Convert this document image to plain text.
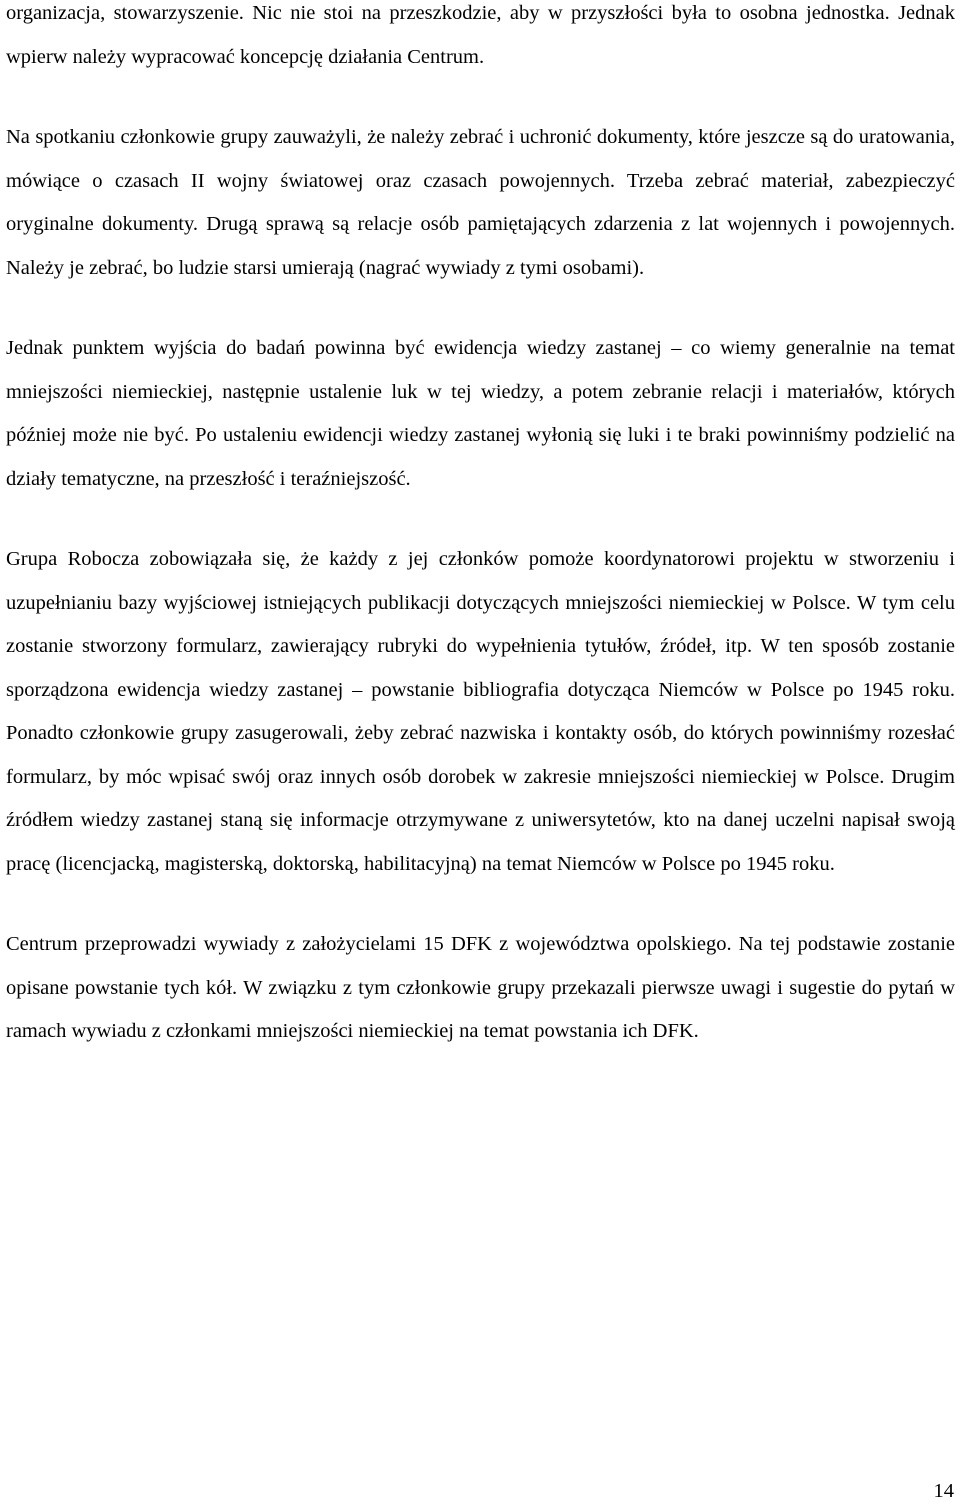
organizacja, stowarzyszenie. Nic nie stoi na przeszkodzie, aby w przyszłości była to osobna jednostka. Jednak wpierw należy wypracować koncepcję działania Centrum.

Na spotkaniu członkowie grupy zauważyli, że należy zebrać i uchronić dokumenty, które jeszcze są do uratowania, mówiące o czasach II wojny światowej oraz czasach powojennych. Trzeba zebrać materiał, zabezpieczyć oryginalne dokumenty. Drugą sprawą są relacje osób pamiętających zdarzenia z lat wojennych i powojennych. Należy je zebrać, bo ludzie starsi umierają (nagrać wywiady z tymi osobami).

Jednak punktem wyjścia do badań powinna być ewidencja wiedzy zastanej – co wiemy generalnie na temat mniejszości niemieckiej, następnie ustalenie luk w tej wiedzy, a potem zebranie relacji i materiałów, których później może nie być. Po ustaleniu ewidencji wiedzy zastanej wyłonią się luki i te braki powinniśmy podzielić na działy tematyczne, na przeszłość i teraźniejszość.

Grupa Robocza zobowiązała się, że każdy z jej członków pomoże koordynatorowi projektu w stworzeniu i uzupełnianiu bazy wyjściowej istniejących publikacji dotyczących mniejszości niemieckiej w Polsce. W tym celu zostanie stworzony formularz, zawierający rubryki do wypełnienia tytułów, źródeł, itp. W ten sposób zostanie sporządzona ewidencja wiedzy zastanej – powstanie bibliografia dotycząca Niemców w Polsce po 1945 roku. Ponadto członkowie grupy zasugerowali, żeby zebrać nazwiska i kontakty osób, do których powinniśmy rozesłać formularz, by móc wpisać swój oraz innych osób dorobek w zakresie mniejszości niemieckiej w Polsce. Drugim źródłem wiedzy zastanej staną się informacje otrzymywane z uniwersytetów, kto na danej uczelni napisał swoją pracę (licencjacką, magisterską, doktorską, habilitacyjną) na temat Niemców w Polsce po 1945 roku.

Centrum przeprowadzi wywiady z założycielami 15 DFK z województwa opolskiego. Na tej podstawie zostanie opisane powstanie tych kół. W związku z tym członkowie grupy przekazali pierwsze uwagi i sugestie do pytań w ramach wywiadu z członkami mniejszości niemieckiej na temat powstania ich DFK.

14
